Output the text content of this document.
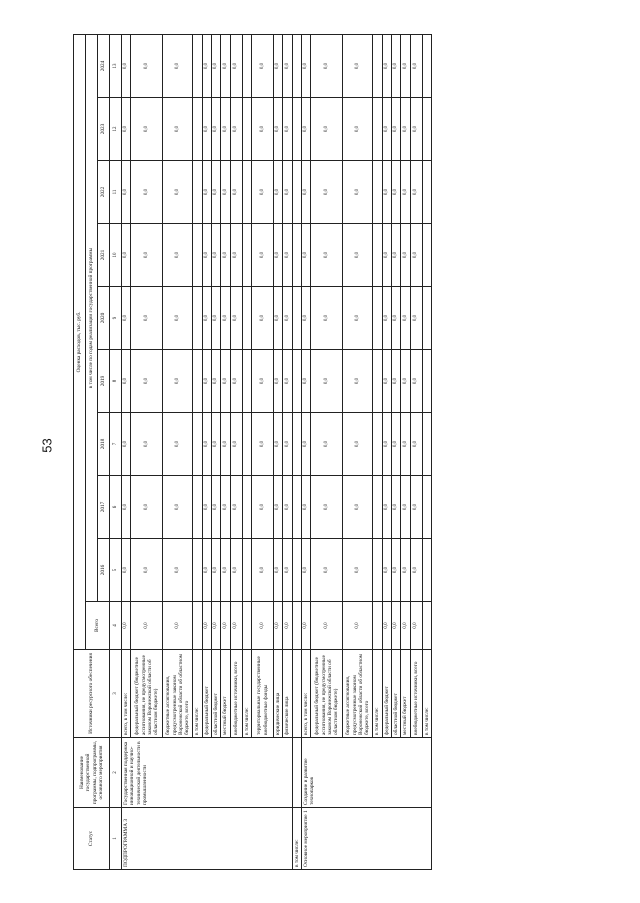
53
Статус	Наименование государственной программы, подпрограммы, основного мероприятия	Источники ресурсного обеспечения	Оценка расходов, тыс. руб.									
			Всего	в том числе по годам реализации государственной программы								
				2016	2017	2018	2019	2020	2021	2022	2023	2024
1	2	3	4	5	6	7	8	9	10	11	12	13
ПОДПРОГРАММА 3	Государственная поддержка инновационной и научно-технической деятельности в промышленности	всего, в том числе:	0,0	0,0	0,0	0,0	0,0	0,0	0,0	0,0	0,0	0,0
		федеральный бюджет (бюджетные ассигнования, не предусмотренные законом Воронежской области об областном бюджете)	0,0	0,0	0,0	0,0	0,0	0,0	0,0	0,0	0,0	0,0
		бюджетные ассигнования, предусмотренные законом Воронежской области об областном бюджете, всего	0,0	0,0	0,0	0,0	0,0	0,0	0,0	0,0	0,0	0,0
		в том числе:										
		федеральный бюджет	0,0	0,0	0,0	0,0	0,0	0,0	0,0	0,0	0,0	0,0
		областной бюджет	0,0	0,0	0,0	0,0	0,0	0,0	0,0	0,0	0,0	0,0
		местный бюджет	0,0	0,0	0,0	0,0	0,0	0,0	0,0	0,0	0,0	0,0
		внебюджетные источники, всего	0,0	0,0	0,0	0,0	0,0	0,0	0,0	0,0	0,0	0,0
		в том числе:										
		территориальные государственные внебюджетные фонды	0,0	0,0	0,0	0,0	0,0	0,0	0,0	0,0	0,0	0,0
		юридические лица	0,0	0,0	0,0	0,0	0,0	0,0	0,0	0,0	0,0	0,0
		физические лица	0,0	0,0	0,0	0,0	0,0	0,0	0,0	0,0	0,0	0,0
в том числе:												
Основное мероприятие 1	Создание и развитие технопарков	всего, в том числе:	0,0	0,0	0,0	0,0	0,0	0,0	0,0	0,0	0,0	0,0
		федеральный бюджет (бюджетные ассигнования, не предусмотренные законом Воронежской области об областном бюджете)	0,0	0,0	0,0	0,0	0,0	0,0	0,0	0,0	0,0	0,0
		бюджетные ассигнования, предусмотренные законом Воронежской области об областном бюджете, всего	0,0	0,0	0,0	0,0	0,0	0,0	0,0	0,0	0,0	0,0
		в том числе:										
		федеральный бюджет	0,0	0,0	0,0	0,0	0,0	0,0	0,0	0,0	0,0	0,0
		областной бюджет	0,0	0,0	0,0	0,0	0,0	0,0	0,0	0,0	0,0	0,0
		местный бюджет	0,0	0,0	0,0	0,0	0,0	0,0	0,0	0,0	0,0	0,0
		внебюджетные источники, всего	0,0	0,0	0,0	0,0	0,0	0,0	0,0	0,0	0,0	0,0
		в том числе:										
